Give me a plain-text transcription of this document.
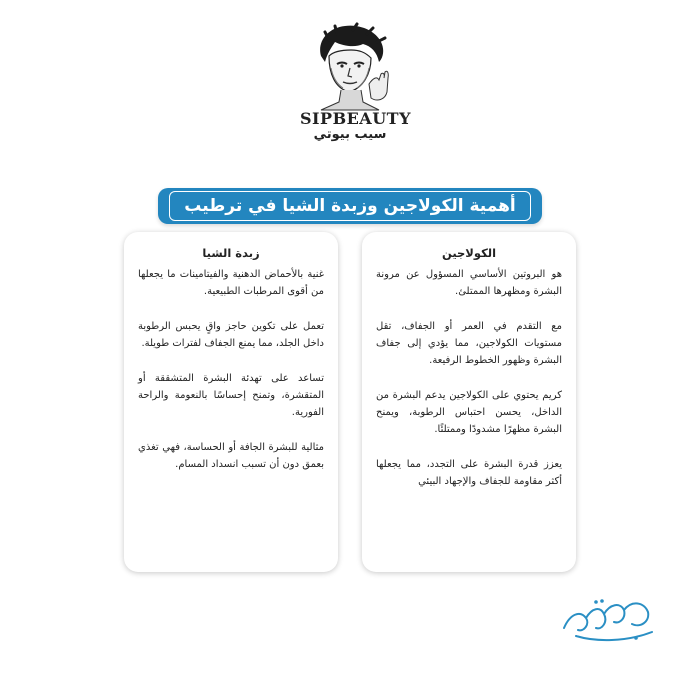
SIPBEAUTY
سيب بيوتي
أهمية الكولاجين وزبدة الشيا في ترطيب
الكولاجين

هو البروتين الأساسي المسؤول عن مرونة البشرة ومظهرها الممتلئ.

مع التقدم في العمر أو الجفاف، تقل مستويات الكولاجين، مما يؤدي إلى جفاف البشرة وظهور الخطوط الرفيعة.

كريم يحتوي على الكولاجين يدعم البشرة من الداخل، يحسن احتباس الرطوبة، ويمنح البشرة مظهرًا مشدودًا وممتلئًا.

يعزز قدرة البشرة على التجدد، مما يجعلها أكثر مقاومة للجفاف والإجهاد البيئي

زبدة الشيا

غنية بالأحماض الدهنية والفيتامينات ما يجعلها من أقوى المرطبات الطبيعية.

تعمل على تكوين حاجز واقٍ يحبس الرطوبة داخل الجلد، مما يمنع الجفاف لفترات طويلة.

تساعد على تهدئة البشرة المتشققة أو المتقشرة، وتمنح إحساسًا بالنعومة والراحة الفورية.

مثالية للبشرة الجافة أو الحساسة، فهي تغذي بعمق دون أن تسبب انسداد المسام.
